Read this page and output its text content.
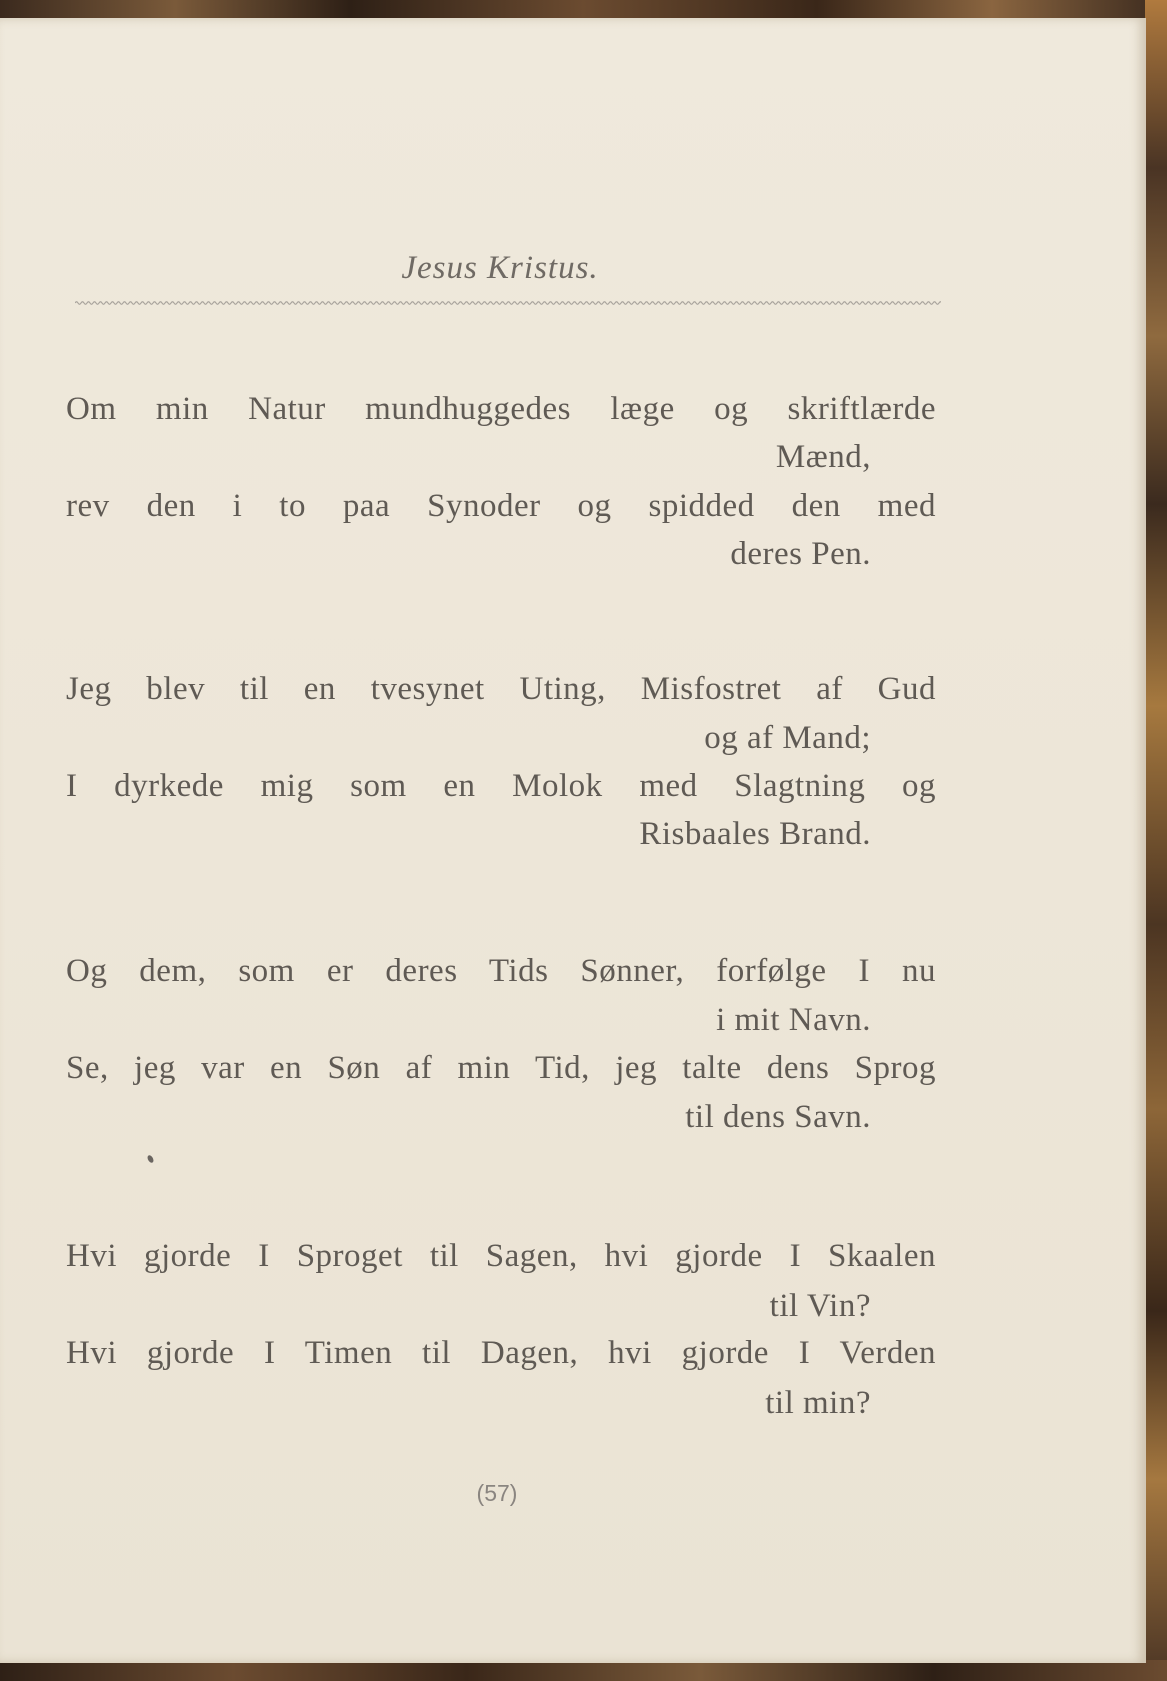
Jesus Kristus.
Om min Natur mundhuggedes læge og skriftlærde
Mænd,
rev den i to paa Synoder og spidded den med
deres Pen.
Jeg blev til en tvesynet Uting, Misfostret af Gud
og af Mand;
I dyrkede mig som en Molok med Slagtning og
Risbaales Brand.
Og dem, som er deres Tids Sønner, forfølge I nu
i mit Navn.
Se, jeg var en Søn af min Tid, jeg talte dens Sprog
til dens Savn.
Hvi gjorde I Sproget til Sagen, hvi gjorde I Skaalen
til Vin?
Hvi gjorde I Timen til Dagen, hvi gjorde I Verden
til min?
(57)
